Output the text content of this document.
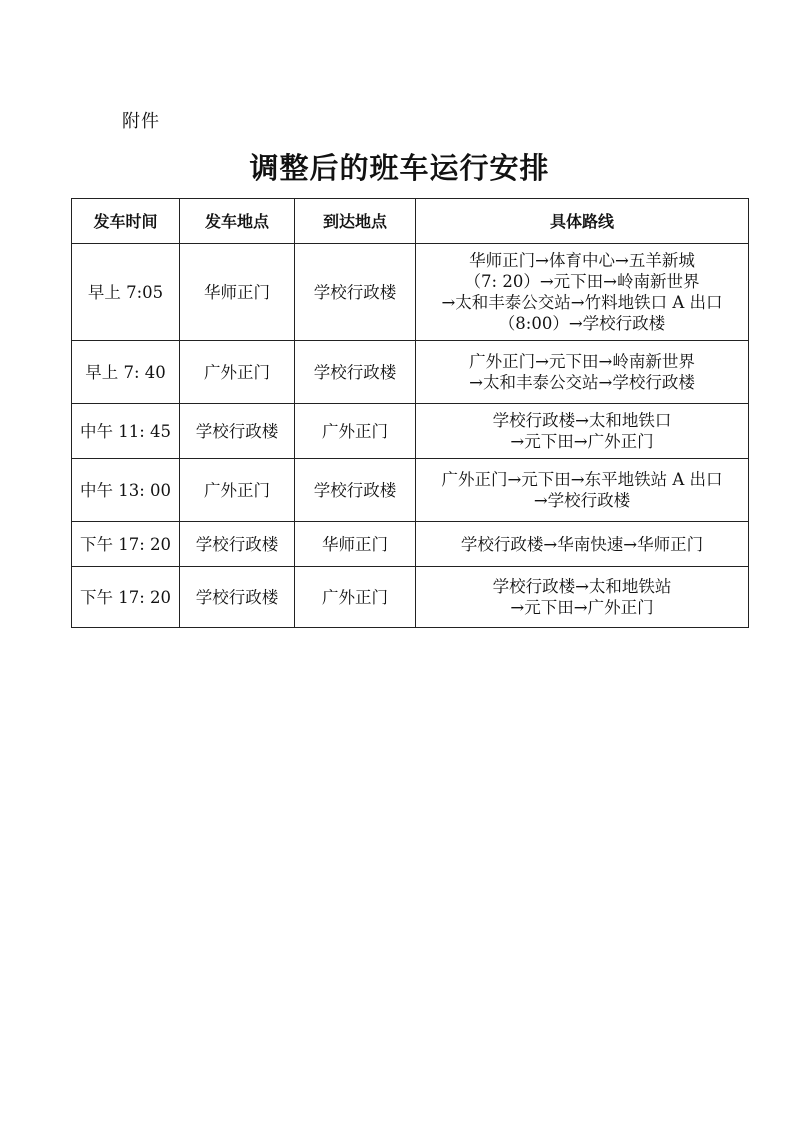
附件
调整后的班车运行安排
发车时间	发车地点	到达地点	具体路线
早上 7:05	华师正门	学校行政楼	华师正门→体育中心→五羊新城
（7: 20）→元下田→岭南新世界
→太和丰泰公交站→竹料地铁口 A 出口
（8:00）→学校行政楼

早上 7: 40	广外正门	学校行政楼	广外正门→元下田→岭南新世界
→太和丰泰公交站→学校行政楼

中午 11: 45	学校行政楼	广外正门	学校行政楼→太和地铁口
→元下田→广外正门

中午 13: 00	广外正门	学校行政楼	广外正门→元下田→东平地铁站 A 出口
→学校行政楼

下午 17: 20	学校行政楼	华师正门	学校行政楼→华南快速→华师正门

下午 17: 20	学校行政楼	广外正门	学校行政楼→太和地铁站
→元下田→广外正门
